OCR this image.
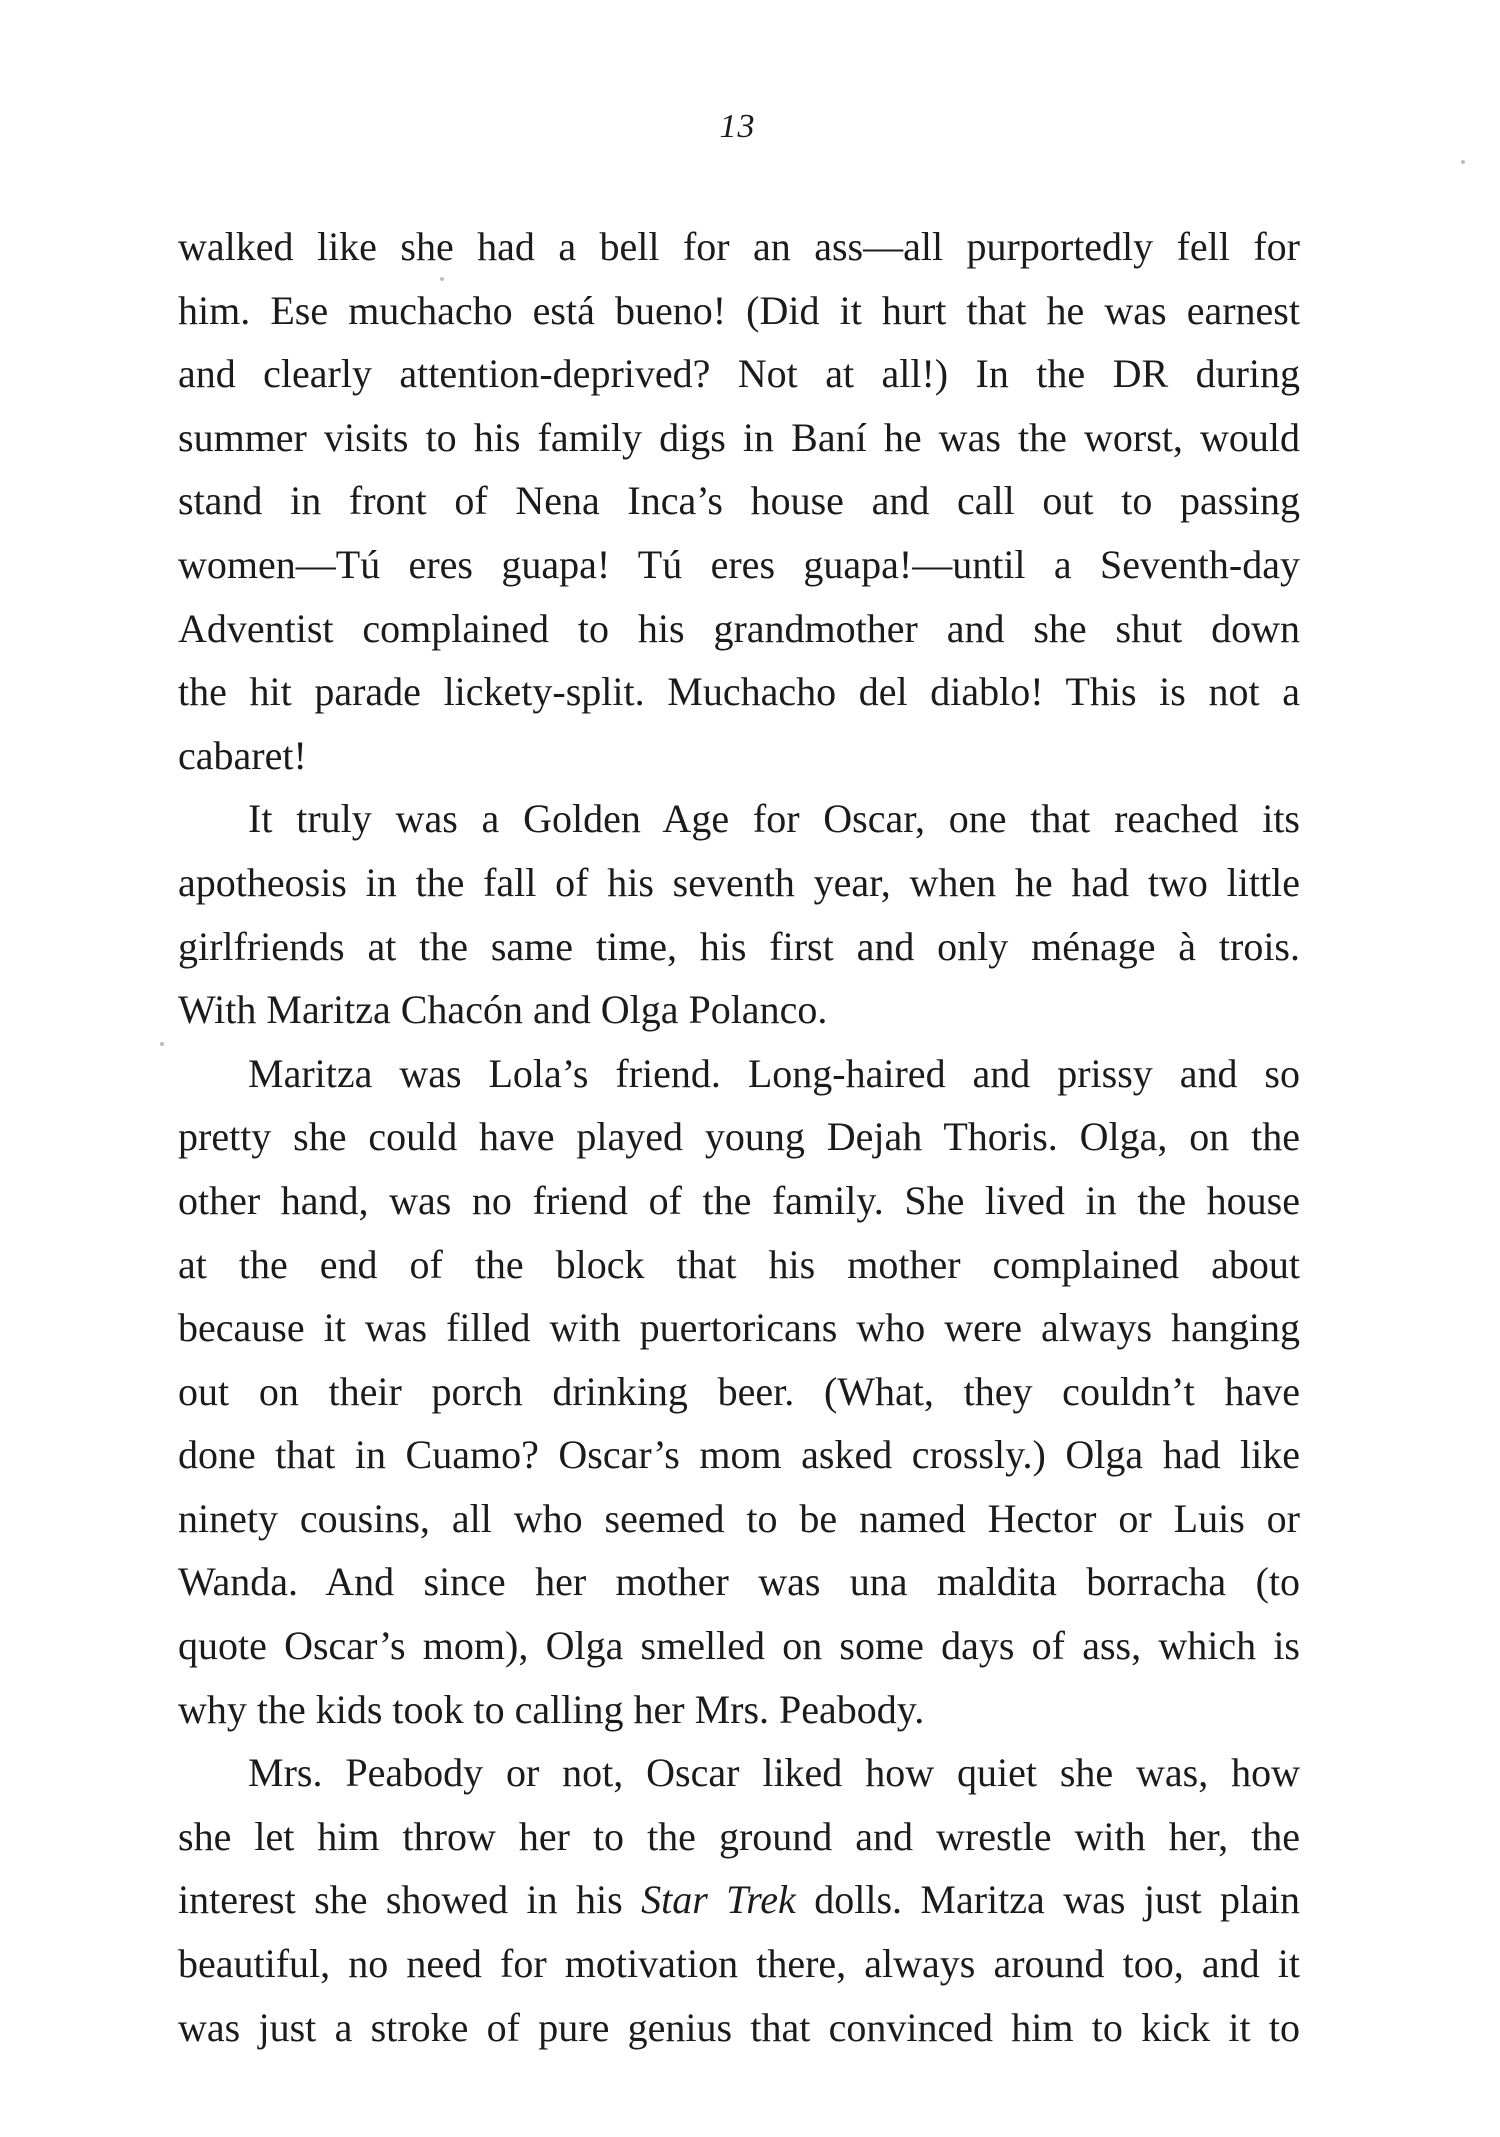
13
walked like she had a bell for an ass—all purportedly fell for
him. Ese muchacho está bueno! (Did it hurt that he was earnest
and clearly attention-deprived? Not at all!) In the DR during
summer visits to his family digs in Baní he was the worst, would
stand in front of Nena Inca’s house and call out to passing
women—Tú eres guapa! Tú eres guapa!—until a Seventh-day
Adventist complained to his grandmother and she shut down
the hit parade lickety-split. Muchacho del diablo! This is not a
cabaret!
It truly was a Golden Age for Oscar, one that reached its
apotheosis in the fall of his seventh year, when he had two little
girlfriends at the same time, his first and only ménage à trois.
With Maritza Chacón and Olga Polanco.
Maritza was Lola’s friend. Long-haired and prissy and so
pretty she could have played young Dejah Thoris. Olga, on the
other hand, was no friend of the family. She lived in the house
at the end of the block that his mother complained about
because it was filled with puertoricans who were always hanging
out on their porch drinking beer. (What, they couldn’t have
done that in Cuamo? Oscar’s mom asked crossly.) Olga had like
ninety cousins, all who seemed to be named Hector or Luis or
Wanda. And since her mother was una maldita borracha (to
quote Oscar’s mom), Olga smelled on some days of ass, which is
why the kids took to calling her Mrs. Peabody.
Mrs. Peabody or not, Oscar liked how quiet she was, how
she let him throw her to the ground and wrestle with her, the
interest she showed in his Star Trek dolls. Maritza was just plain
beautiful, no need for motivation there, always around too, and it
was just a stroke of pure genius that convinced him to kick it to
